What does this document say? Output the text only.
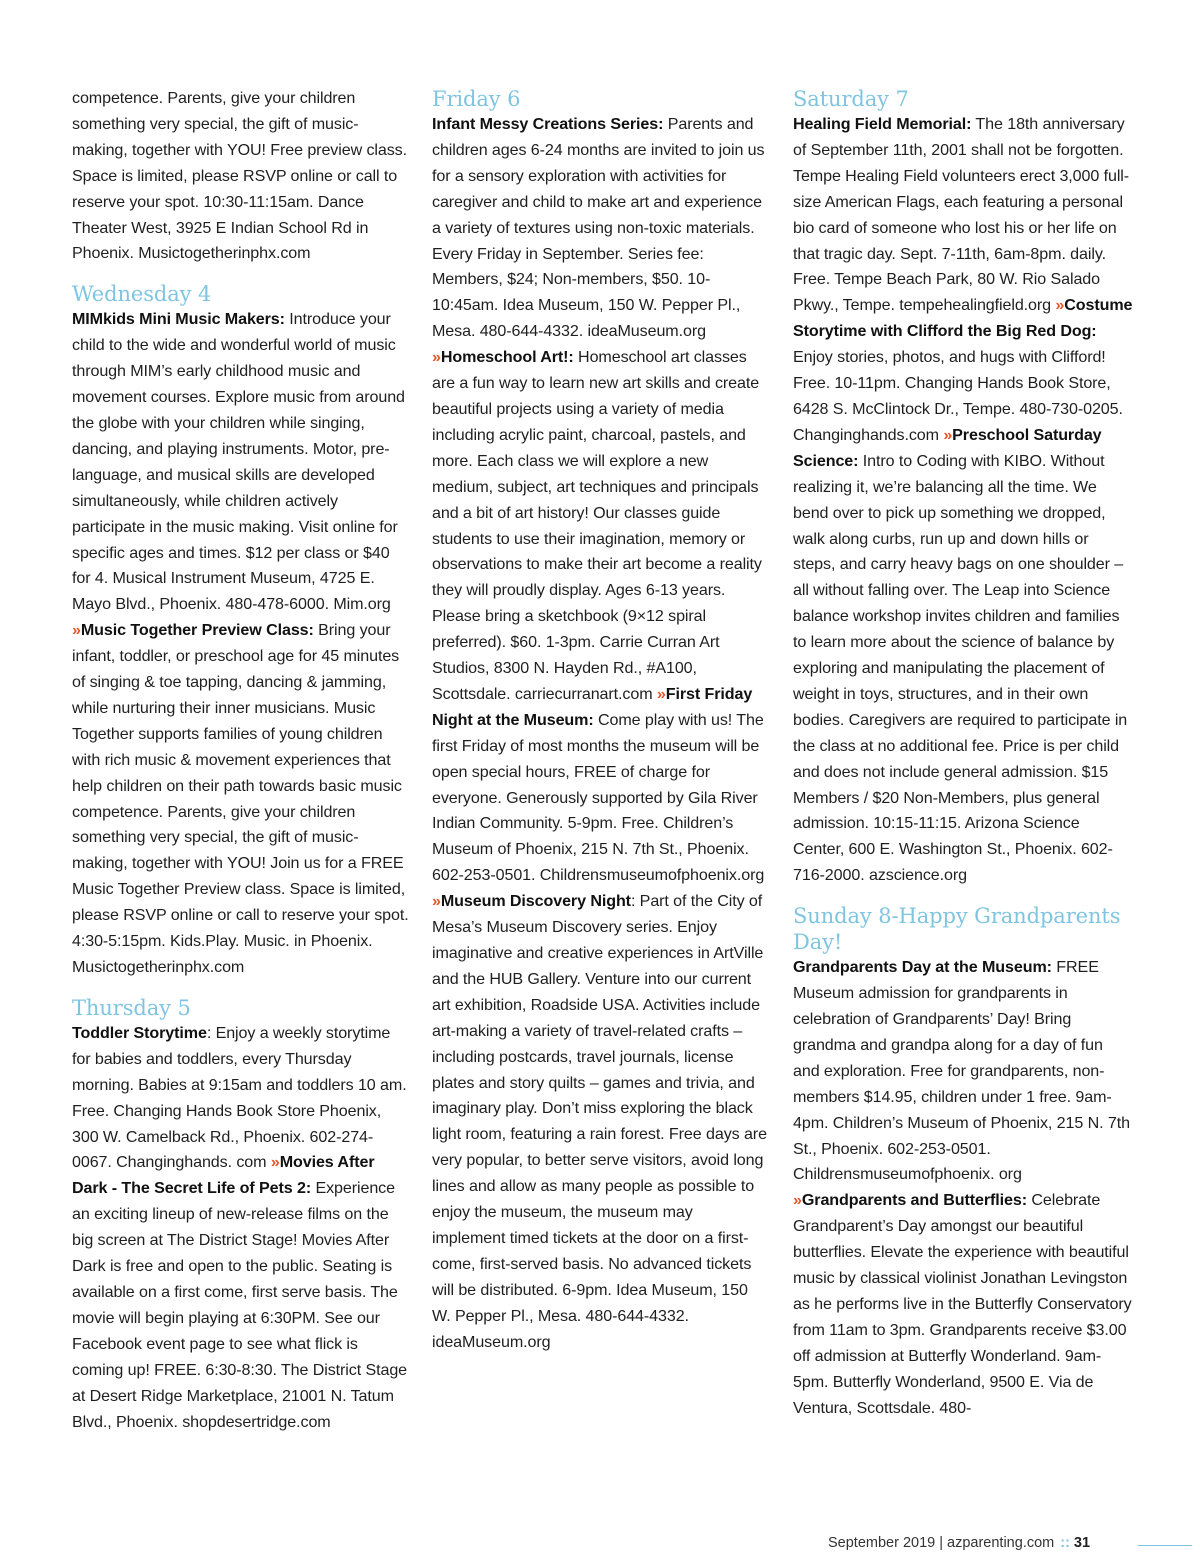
competence. Parents, give your children something very special, the gift of music-making, together with YOU! Free preview class. Space is limited, please RSVP online or call to reserve your spot. 10:30-11:15am. Dance Theater West, 3925 E Indian School Rd in Phoenix. Musictogetherinphx.com

Wednesday 4

MIMkids Mini Music Makers: Introduce your child to the wide and wonderful world of music through MIM’s early childhood music and movement courses. Explore music from around the globe with your children while singing, dancing, and playing instruments. Motor, pre-language, and musical skills are developed simultaneously, while children actively participate in the music making. Visit online for specific ages and times. $12 per class or $40 for 4. Musical Instrument Museum, 4725 E. Mayo Blvd., Phoenix. 480-478-6000. Mim.org »Music Together Preview Class: Bring your infant, toddler, or preschool age for 45 minutes of singing & toe tapping, dancing & jamming, while nurturing their inner musicians. Music Together supports families of young children with rich music & movement experiences that help children on their path towards basic music competence. Parents, give your children something very special, the gift of music-making, together with YOU! Join us for a FREE Music Together Preview class. Space is limited, please RSVP online or call to reserve your spot. 4:30-5:15pm. Kids.Play. Music. in Phoenix. Musictogetherinphx.com

Thursday 5

Toddler Storytime: Enjoy a weekly storytime for babies and toddlers, every Thursday morning. Babies at 9:15am and toddlers 10 am. Free. Changing Hands Book Store Phoenix, 300 W. Camelback Rd., Phoenix. 602-274-0067. Changinghands. com »Movies After Dark - The Secret Life of Pets 2: Experience an exciting lineup of new-release films on the big screen at The District Stage! Movies After Dark is free and open to the public. Seating is available on a first come, first serve basis. The movie will begin playing at 6:30PM. See our Facebook event page to see what flick is coming up! FREE. 6:30-8:30. The District Stage at Desert Ridge Marketplace, 21001 N. Tatum Blvd., Phoenix. shopdesertridge.com

Friday 6

Infant Messy Creations Series: Parents and children ages 6-24 months are invited to join us for a sensory exploration with activities for caregiver and child to make art and experience a variety of textures using non-toxic materials. Every Friday in September. Series fee: Members, $24; Non-members, $50. 10-10:45am. Idea Museum, 150 W. Pepper Pl., Mesa. 480-644-4332. ideaMuseum.org »Homeschool Art!: Homeschool art classes are a fun way to learn new art skills and create beautiful projects using a variety of media including acrylic paint, charcoal, pastels, and more. Each class we will explore a new medium, subject, art techniques and principals and a bit of art history! Our classes guide students to use their imagination, memory or observations to make their art become a reality they will proudly display. Ages 6-13 years. Please bring a sketchbook (9×12 spiral preferred). $60. 1-3pm. Carrie Curran Art Studios, 8300 N. Hayden Rd., #A100, Scottsdale. carriecurranart.com »First Friday Night at the Museum: Come play with us! The first Friday of most months the museum will be open special hours, FREE of charge for everyone. Generously supported by Gila River Indian Community. 5-9pm. Free. Children’s Museum of Phoenix, 215 N. 7th St., Phoenix. 602-253-0501. Childrensmuseumofphoenix.org »Museum Discovery Night: Part of the City of Mesa’s Museum Discovery series. Enjoy imaginative and creative experiences in ArtVille and the HUB Gallery. Venture into our current art exhibition, Roadside USA. Activities include art-making a variety of travel-related crafts – including postcards, travel journals, license plates and story quilts – games and trivia, and imaginary play. Don’t miss exploring the black light room, featuring a rain forest. Free days are very popular, to better serve visitors, avoid long lines and allow as many people as possible to enjoy the museum, the museum may implement timed tickets at the door on a first-come, first-served basis. No advanced tickets will be distributed. 6-9pm. Idea Museum, 150 W. Pepper Pl., Mesa. 480-644-4332. ideaMuseum.org

Saturday 7

Healing Field Memorial: The 18th anniversary of September 11th, 2001 shall not be forgotten. Tempe Healing Field volunteers erect 3,000 full-size American Flags, each featuring a personal bio card of someone who lost his or her life on that tragic day. Sept. 7-11th, 6am-8pm. daily. Free. Tempe Beach Park, 80 W. Rio Salado Pkwy., Tempe. tempehealingfield.org »Costume Storytime with Clifford the Big Red Dog: Enjoy stories, photos, and hugs with Clifford! Free. 10-11pm. Changing Hands Book Store, 6428 S. McClintock Dr., Tempe. 480-730-0205. Changinghands.com »Preschool Saturday Science: Intro to Coding with KIBO. Without realizing it, we’re balancing all the time. We bend over to pick up something we dropped, walk along curbs, run up and down hills or steps, and carry heavy bags on one shoulder – all without falling over. The Leap into Science balance workshop invites children and families to learn more about the science of balance by exploring and manipulating the placement of weight in toys, structures, and in their own bodies. Caregivers are required to participate in the class at no additional fee. Price is per child and does not include general admission. $15 Members / $20 Non-Members, plus general admission. 10:15-11:15. Arizona Science Center, 600 E. Washington St., Phoenix. 602-716-2000. azscience.org

Sunday 8-Happy Grandparents Day!

Grandparents Day at the Museum: FREE Museum admission for grandparents in celebration of Grandparents’ Day! Bring grandma and grandpa along for a day of fun and exploration. Free for grandparents, non-members $14.95, children under 1 free. 9am-4pm. Children’s Museum of Phoenix, 215 N. 7th St., Phoenix. 602-253-0501. Childrensmuseumofphoenix. org »Grandparents and Butterflies: Celebrate Grandparent’s Day amongst our beautiful butterflies. Elevate the experience with beautiful music by classical violinist Jonathan Levingston as he performs live in the Butterfly Conservatory from 11am to 3pm. Grandparents receive $3.00 off admission at Butterfly Wonderland. 9am-5pm. Butterfly Wonderland, 9500 E. Via de Ventura, Scottsdale. 480-

September 2019 | azparenting.com :: 31
